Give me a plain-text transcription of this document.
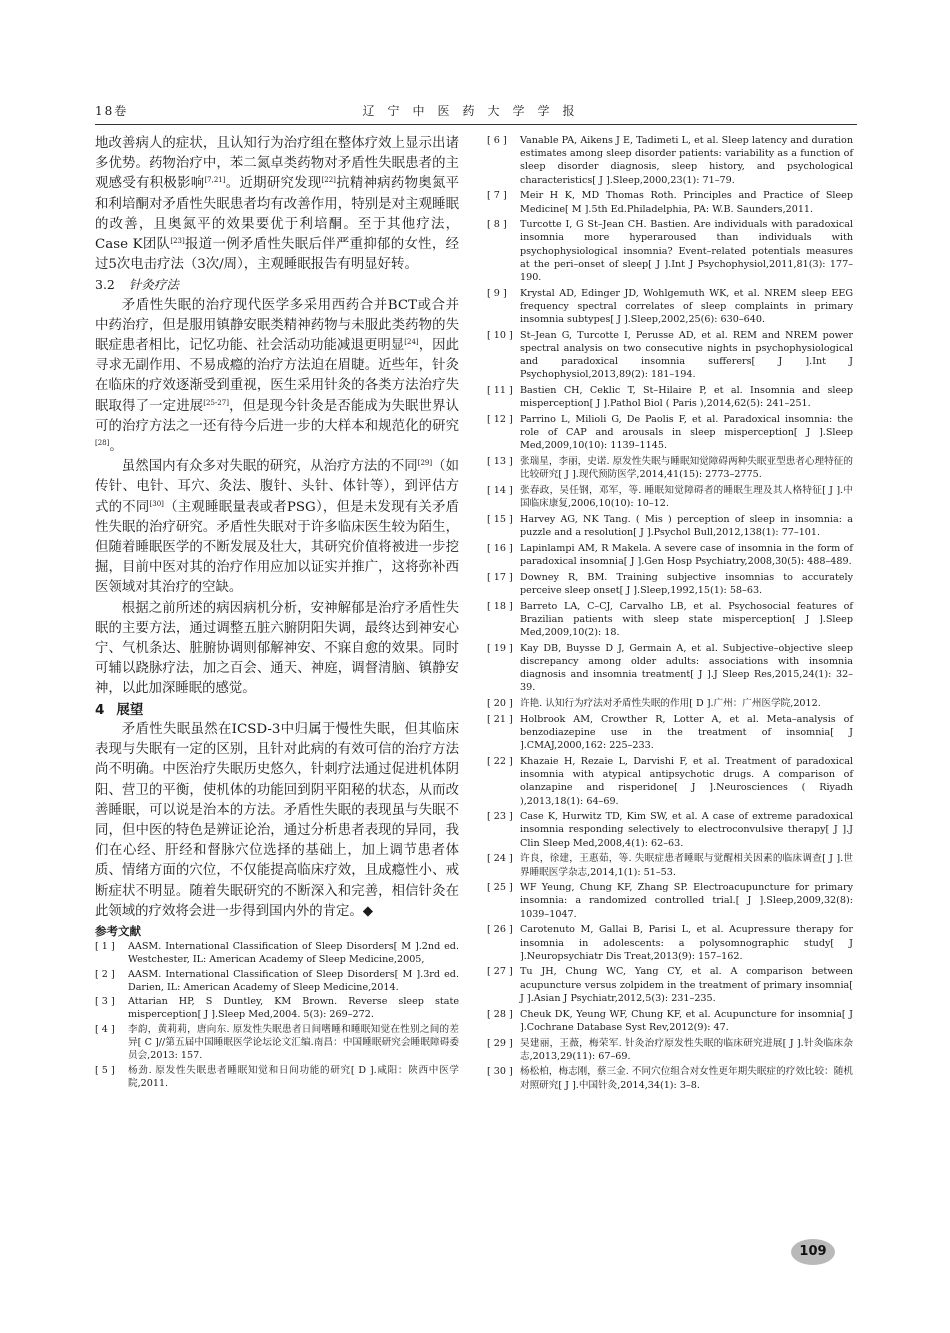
18卷	辽宁中医药大学学报

地改善病人的症状，且认知行为治疗组在整体疗效上显示出诸多优势。药物治疗中，苯二氮卓类药物对矛盾性失眠患者的主观感受有积极影响[7,21]。近期研究发现[22]抗精神病药物奥氮平和利培酮对矛盾性失眠患者均有改善作用，特别是对主观睡眠的改善，且奥氮平的效果要优于利培酮。至于其他疗法，Case K团队[23]报道一例矛盾性失眠后伴严重抑郁的女性，经过5次电击疗法（3次/周），主观睡眠报告有明显好转。

3.2 针灸疗法

矛盾性失眠的治疗现代医学多采用西药合并BCT或合并中药治疗，但是服用镇静安眠类精神药物与未服此类药物的失眠症患者相比，记忆功能、社会活动功能减退更明显[24]，因此寻求无副作用、不易成瘾的治疗方法迫在眉睫。近些年，针灸在临床的疗效逐渐受到重视，医生采用针灸的各类方法治疗失眠取得了一定进展[25-27]，但是现今针灸是否能成为失眠世界认可的治疗方法之一还有待今后进一步的大样本和规范化的研究[28]。

虽然国内有众多对失眠的研究，从治疗方法的不同[29]（如传针、电针、耳穴、灸法、腹针、头针、体针等），到评估方式的不同[30]（主观睡眠量表或者PSG），但是未发现有关矛盾性失眠的治疗研究。矛盾性失眠对于许多临床医生较为陌生，但随着睡眠医学的不断发展及壮大，其研究价值将被进一步挖掘，目前中医对其的治疗作用应加以证实并推广，这将弥补西医领域对其治疗的空缺。

根据之前所述的病因病机分析，安神解郁是治疗矛盾性失眠的主要方法，通过调整五脏六腑阴阳失调，最终达到神安心宁、气机条达、脏腑协调则郁解神安、不寐自愈的效果。同时可辅以跷脉疗法，加之百会、通天、神庭，调督清脑、镇静安神，以此加深睡眠的感觉。

4 展望

矛盾性失眠虽然在ICSD-3中归属于慢性失眠，但其临床表现与失眠有一定的区别，且针对此病的有效可信的治疗方法尚不明确。中医治疗失眠历史悠久，针刺疗法通过促进机体阴阳、营卫的平衡，使机体的功能回到阴平阳秘的状态，从而改善睡眠，可以说是治本的方法。矛盾性失眠的表现虽与失眠不同，但中医的特色是辨证论治，通过分析患者表现的异同，我们在心经、肝经和督脉穴位选择的基础上，加上调节患者体质、情绪方面的穴位，不仅能提高临床疗效，且成瘾性小、戒断症状不明显。随着失眠研究的不断深入和完善，相信针灸在此领域的疗效将会进一步得到国内外的肯定。◆

参考文献

[ 1 ]	AASM. International Classification of Sleep Disorders[ M ].2nd ed. Westchester, IL: American Academy of Sleep Medicine,2005,
[ 2 ]	AASM. International Classification of Sleep Disorders[ M ].3rd ed. Darien, IL: American Academy of Sleep Medicine,2014.
[ 3 ]	Attarian HP, S Duntley, KM Brown. Reverse sleep state misperception[ J ].Sleep Med,2004. 5(3): 269–272.
[ 4 ]	李韵，黄莉莉，唐向东. 原发性失眠患者日间嗜睡和睡眠知觉在性别之间的差异[ C ]//第五届中国睡眠医学论坛论文汇编.南昌：中国睡眠研究会睡眠障碍委员会,2013: 157.
[ 5 ]	杨劲. 原发性失眠患者睡眠知觉和日间功能的研究[ D ].咸阳：陕西中医学院,2011.
[ 6 ]	Vanable PA, Aikens J E, Tadimeti L, et al. Sleep latency and duration estimates among sleep disorder patients: variability as a function of sleep disorder diagnosis, sleep history, and psychological characteristics[ J ].Sleep,2000,23(1): 71–79.
[ 7 ]	Meir H K, MD Thomas Roth. Principles and Practice of Sleep Medicine[ M ].5th Ed.Philadelphia, PA: W.B. Saunders,2011.
[ 8 ]	Turcotte I, G St–Jean CH. Bastien. Are individuals with paradoxical insomnia more hyperaroused than individuals with psychophysiological insomnia? Event–related potentials measures at the peri–onset of sleep[ J ].Int J Psychophysiol,2011,81(3): 177–190.
[ 9 ]	Krystal AD, Edinger JD, Wohlgemuth WK, et al. NREM sleep EEG frequency spectral correlates of sleep complaints in primary insomnia subtypes[ J ].Sleep,2002,25(6): 630–640.
[ 10 ] St–Jean G, Turcotte I, Perusse AD, et al. REM and NREM power spectral analysis on two consecutive nights in psychophysiological and paradoxical insomnia sufferers[ J ].Int J Psychophysiol,2013,89(2): 181–194.
[ 11 ] Bastien CH, Ceklic T, St–Hilaire P, et al. Insomnia and sleep misperception[ J ].Pathol Biol ( Paris ),2014,62(5): 241–251.
[ 12 ] Parrino L, Milioli G, De Paolis F, et al. Paradoxical insomnia: the role of CAP and arousals in sleep misperception[ J ].Sleep Med,2009,10(10): 1139–1145.
[ 13 ] 张瑞星，李丽，史诺. 原发性失眠与睡眠知觉障碍两种失眠亚型患者心理特征的比较研究[ J ].现代预防医学,2014,41(15): 2773–2775.
[ 14 ] 张春政，吴任钢，邓军，等. 睡眠知觉障碍者的睡眠生理及其人格特征[ J ].中国临床康复,2006,10(10): 10–12.
[ 15 ] Harvey AG, NK Tang. ( Mis ) perception of sleep in insomnia: a puzzle and a resolution[ J ].Psychol Bull,2012,138(1): 77–101.
[ 16 ] Lapinlampi AM, R Makela. A severe case of insomnia in the form of paradoxical insomnia[ J ].Gen Hosp Psychiatry,2008,30(5): 488–489.
[ 17 ] Downey R, BM. Training subjective insomnias to accurately perceive sleep onset[ J ].Sleep,1992,15(1): 58–63.
[ 18 ] Barreto LA, C–CJ, Carvalho LB, et al. Psychosocial features of Brazilian patients with sleep state misperception[ J ].Sleep Med,2009,10(2): 18.
[ 19 ] Kay DB, Buysse D J, Germain A, et al. Subjective–objective sleep discrepancy among older adults: associations with insomnia diagnosis and insomnia treatment[ J ].J Sleep Res,2015,24(1): 32–39.
[ 20 ] 许艳. 认知行为疗法对矛盾性失眠的作用[ D ].广州：广州医学院,2012.
[ 21 ] Holbrook AM, Crowther R, Lotter A, et al. Meta–analysis of benzodiazepine use in the treatment of insomnia[ J ].CMAJ,2000,162: 225–233.
[ 22 ] Khazaie H, Rezaie L, Darvishi F, et al. Treatment of paradoxical insomnia with atypical antipsychotic drugs. A comparison of olanzapine and risperidone[ J ].Neurosciences ( Riyadh ),2013,18(1): 64–69.
[ 23 ] Case K, Hurwitz TD, Kim SW, et al. A case of extreme paradoxical insomnia responding selectively to electroconvulsive therapy[ J ].J Clin Sleep Med,2008,4(1): 62–63.
[ 24 ] 许良，徐建，王惠茹，等. 失眠症患者睡眠与觉醒相关因素的临床调查[ J ].世界睡眠医学杂志,2014,1(1): 51–53.
[ 25 ] WF Yeung, Chung KF, Zhang SP. Electroacupuncture for primary insomnia: a randomized controlled trial.[ J ].Sleep,2009,32(8): 1039–1047.
[ 26 ] Carotenuto M, Gallai B, Parisi L, et al. Acupressure therapy for insomnia in adolescents: a polysomnographic study[ J ].Neuropsychiatr Dis Treat,2013(9): 157–162.
[ 27 ] Tu JH, Chung WC, Yang CY, et al. A comparison between acupuncture versus zolpidem in the treatment of primary insomnia[ J ].Asian J Psychiatr,2012,5(3): 231–235.
[ 28 ] Cheuk DK, Yeung WF, Chung KF, et al. Acupuncture for insomnia[ J ].Cochrane Database Syst Rev,2012(9): 47.
[ 29 ] 吴建丽，王薇，梅荣军. 针灸治疗原发性失眠的临床研究进展[ J ].针灸临床杂志,2013,29(11): 67–69.
[ 30 ] 杨松柏，梅志刚，蔡三金. 不同穴位组合对女性更年期失眠症的疗效比较：随机对照研究[ J ].中国针灸,2014,34(1): 3–8.
109
